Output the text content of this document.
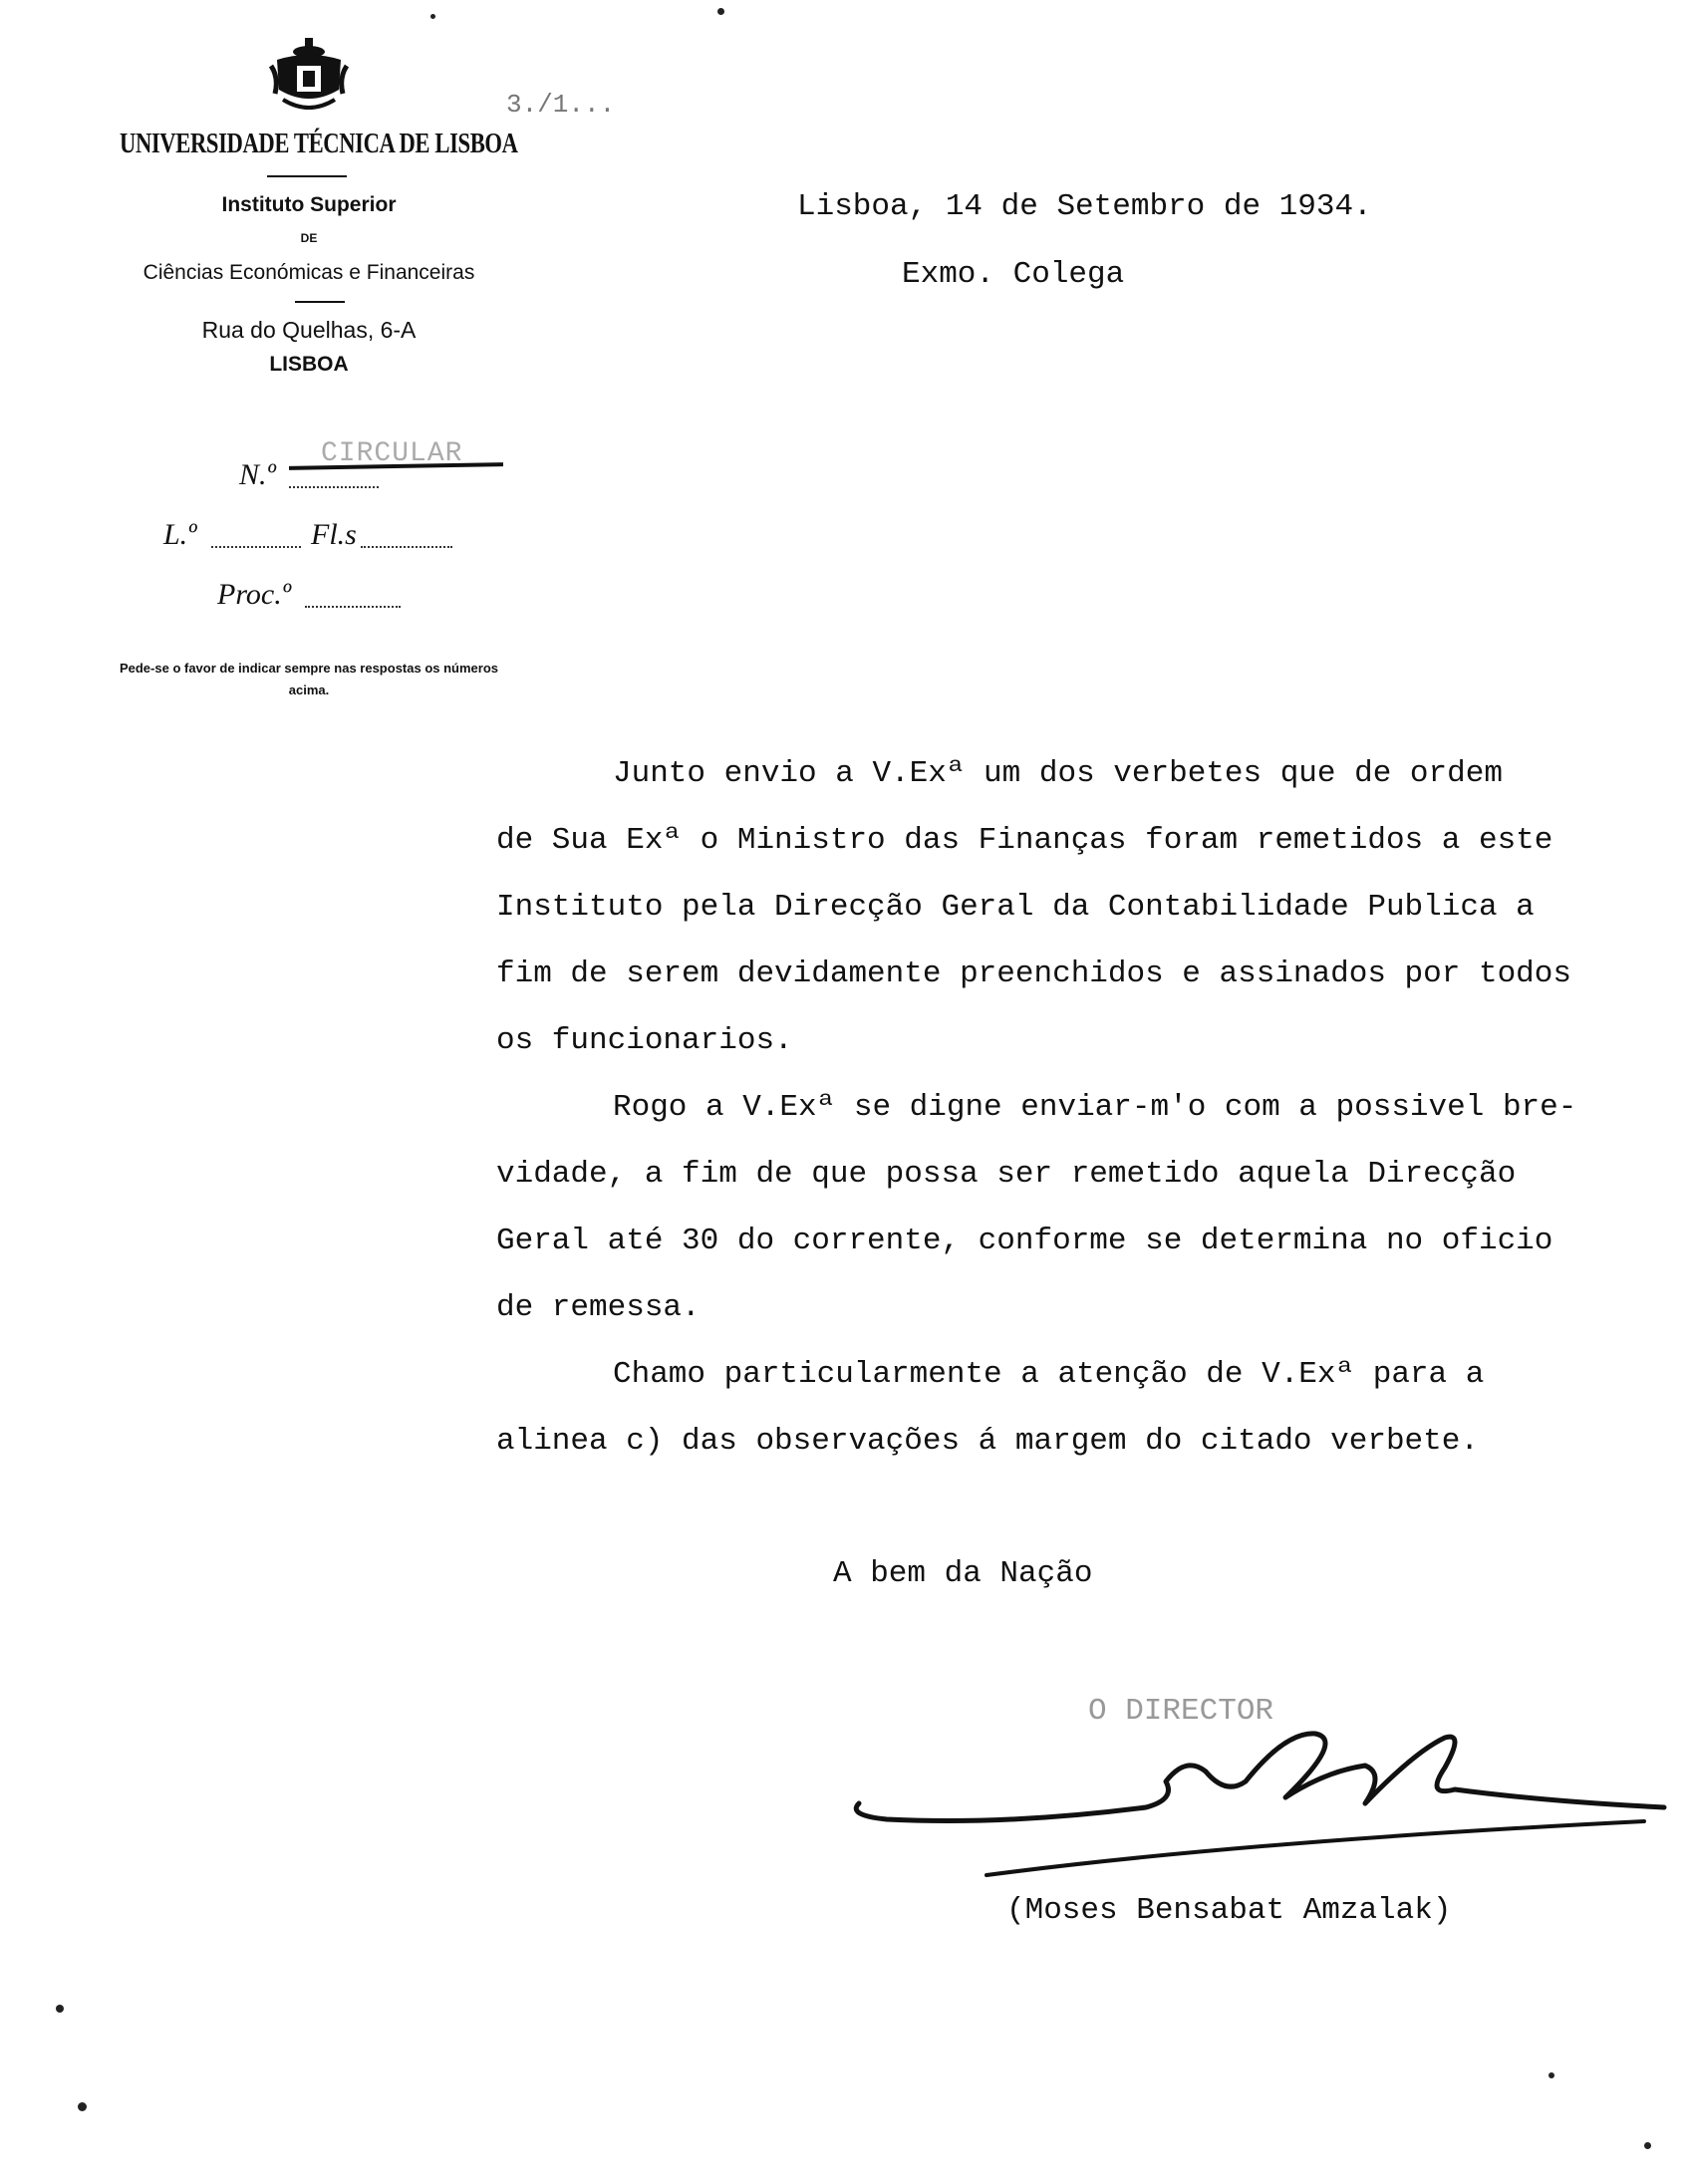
3./1...
UNIVERSIDADE TÉCNICA DE LISBOA
Instituto Superior
DE
Ciências Económicas e Financeiras
Rua do Quelhas, 6-A
LISBOA
N.º
CIRCULAR
L.º	Fl.s
Proc.º
Pede-se o favor de indicar sempre nas respostas os números acima.
Lisboa, 14 de Setembro de 1934.
Exmo. Colega
Junto envio a V.Exª um dos verbetes que de ordem
de Sua Exª o Ministro das Finanças foram remetidos a este
Instituto pela Direcção Geral da Contabilidade Publica a
fim de serem devidamente preenchidos e assinados por todos
os funcionarios.
Rogo a V.Exª se digne enviar-m'o com a possivel bre-
vidade, a fim de que possa ser remetido aquela Direcção
Geral até 30 do corrente, conforme se determina no oficio
de remessa.
Chamo particularmente a atenção de V.Exª para a
alinea c) das observações á margem do citado verbete.
A bem da Nação
O DIRECTOR
(Moses Bensabat Amzalak)
